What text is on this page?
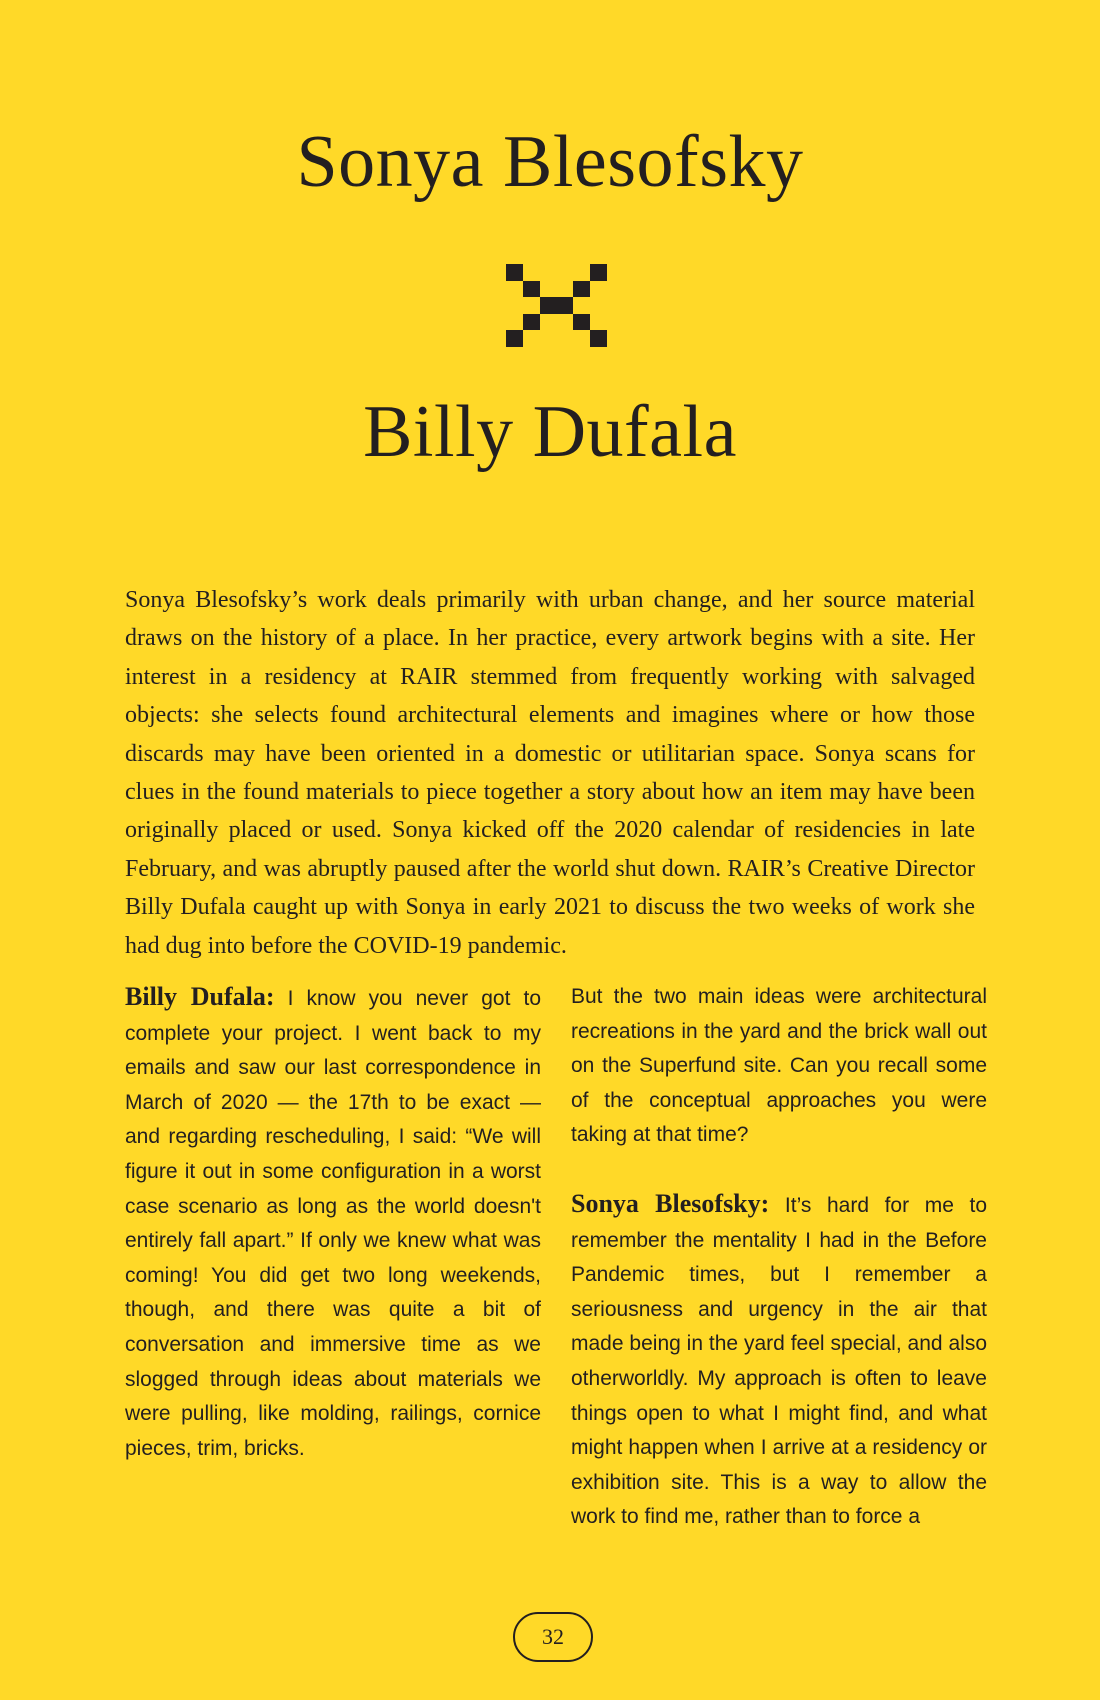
Sonya Blesofsky
Billy Dufala

Sonya Blesofsky’s work deals primarily with urban change, and her source material draws on the history of a place. In her practice, every artwork begins with a site. Her interest in a residency at RAIR stemmed from frequently working with salvaged objects: she selects found architectural elements and imagines where or how those discards may have been oriented in a domestic or utilitarian space. Sonya scans for clues in the found materials to piece together a story about how an item may have been originally placed or used. Sonya kicked off the 2020 calendar of residencies in late February, and was abruptly paused after the world shut down. RAIR’s Creative Director Billy Dufala caught up with Sonya in early 2021 to discuss the two weeks of work she had dug into before the COVID-19 pandemic.

Billy Dufala: I know you never got to complete your project. I went back to my emails and saw our last correspondence in March of 2020 — the 17th to be exact — and regarding rescheduling, I said: “We will figure it out in some configuration in a worst case scenario as long as the world doesn't entirely fall apart.” If only we knew what was coming! You did get two long weekends, though, and there was quite a bit of conversation and immersive time as we slogged through ideas about materials we were pulling, like molding, railings, cornice pieces, trim, bricks.

But the two main ideas were architectural recreations in the yard and the brick wall out on the Superfund site. Can you recall some of the conceptual approaches you were taking at that time?

Sonya Blesofsky: It’s hard for me to remember the mentality I had in the Before Pandemic times, but I remember a seriousness and urgency in the air that made being in the yard feel special, and also otherworldly. My approach is often to leave things open to what I might find, and what might happen when I arrive at a residency or exhibition site. This is a way to allow the work to find me, rather than to force a

32
